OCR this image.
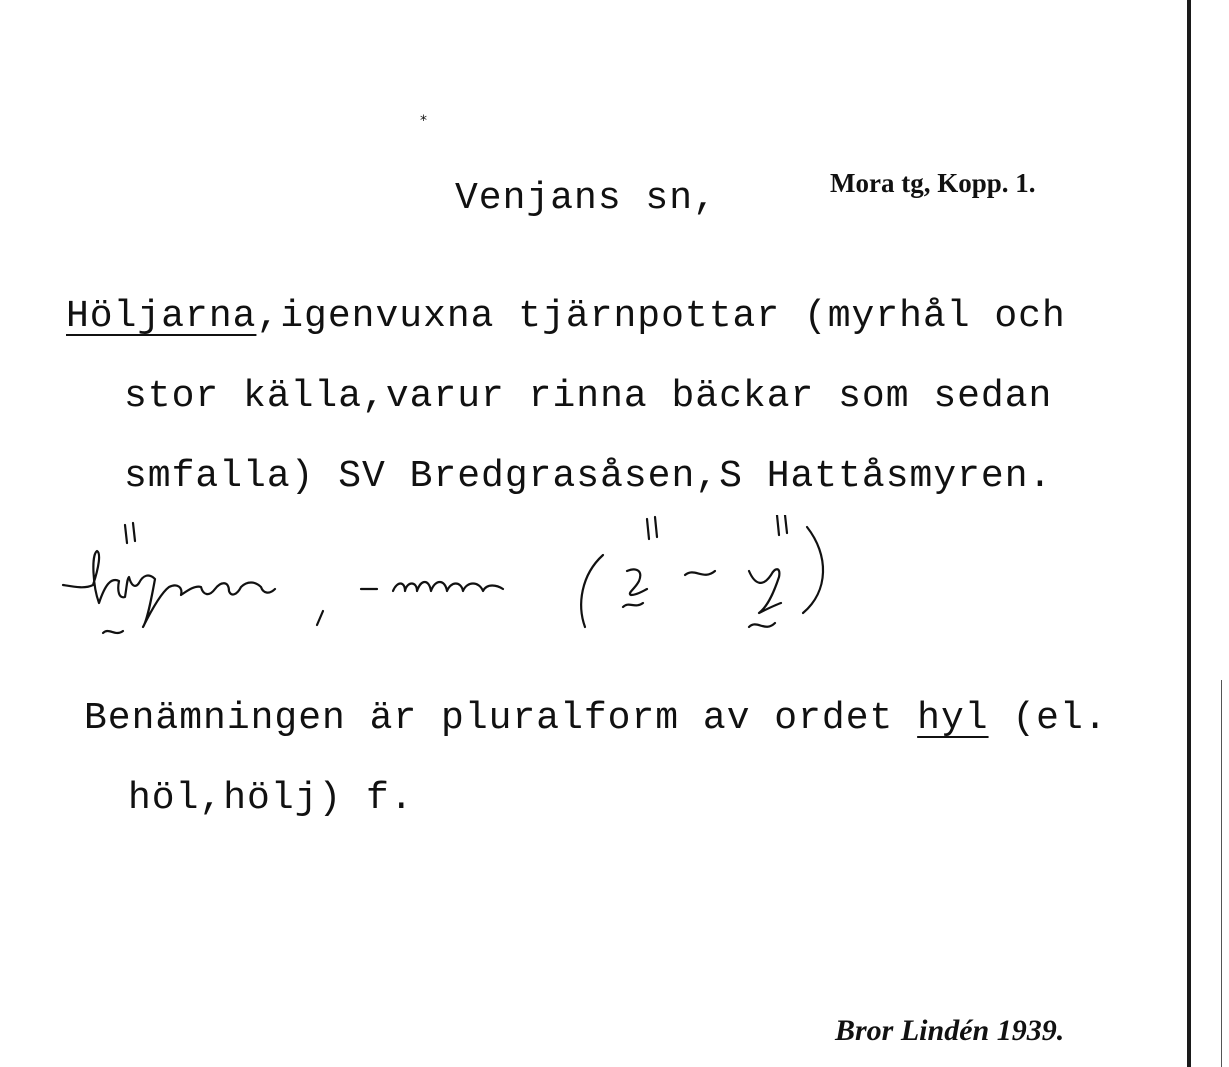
*
Venjans sn,	Mora tg, Kopp. 1.
Höljarna,igenvuxna tjärnpottar (myrhål och
stor källa,varur rinna bäckar som sedan
smfalla) SV Bredgrasåsen,S Hattåsmyren.
Benämningen är pluralform av ordet hyl (el.
höl,hölj) f.
Bror Lindén 1939.
